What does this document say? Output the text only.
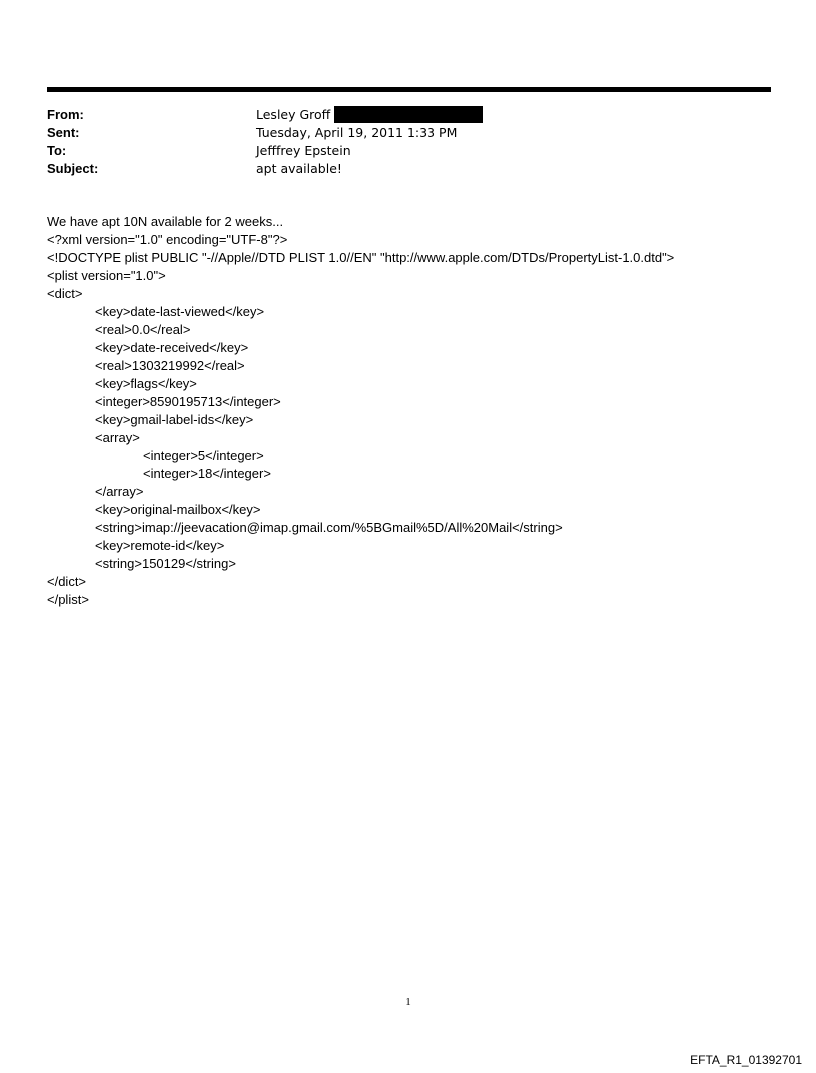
From:	Lesley Groff
Sent:	Tuesday, April 19, 2011 1:33 PM
To:	Jefffrey Epstein
Subject:	apt available!
We have apt 10N available for 2 weeks...
<?xml version="1.0" encoding="UTF-8"?>
<!DOCTYPE plist PUBLIC "-//Apple//DTD PLIST 1.0//EN" "http://www.apple.com/DTDs/PropertyList-1.0.dtd">
<plist version="1.0">
<dict>
<key>date-last-viewed</key>
<real>0.0</real>
<key>date-received</key>
<real>1303219992</real>
<key>flags</key>
<integer>8590195713</integer>
<key>gmail-label-ids</key>
<array>
<integer>5</integer>
<integer>18</integer>
</array>
<key>original-mailbox</key>
<string>imap://jeevacation@imap.gmail.com/%5BGmail%5D/All%20Mail</string>
<key>remote-id</key>
<string>150129</string>
</dict>
</plist>
1
EFTA_R1_01392701
